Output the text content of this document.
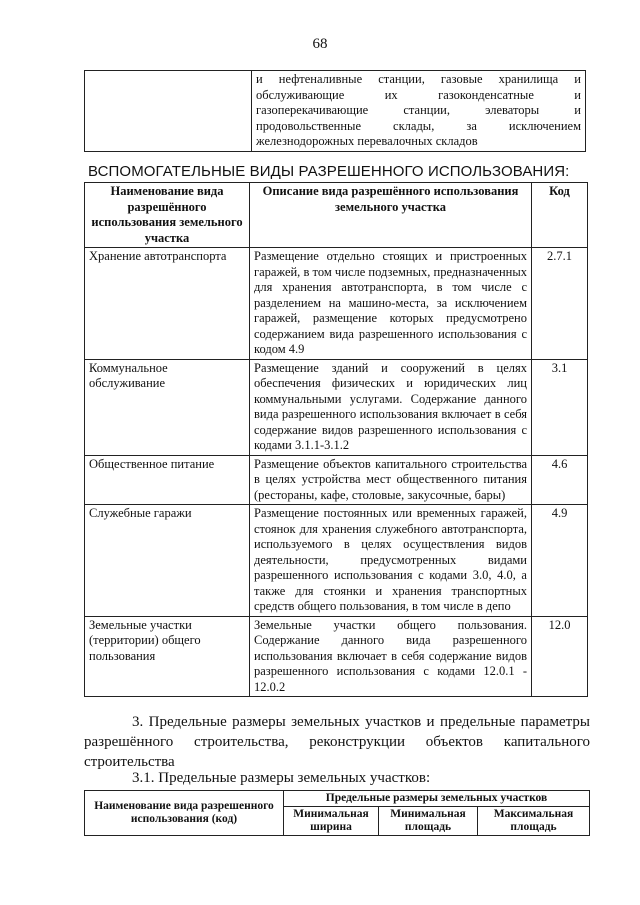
68
	и нефтеналивные станции, газовые хранилища и обслуживающие их газоконденсатные и газоперекачивающие станции, элеваторы и продовольственные склады, за исключением железнодорожных перевалочных складов
ВСПОМОГАТЕЛЬНЫЕ ВИДЫ РАЗРЕШЕННОГО ИСПОЛЬЗОВАНИЯ:
Наименование вида разрешённого использования земельного участка	Описание вида разрешённого использования земельного участка	Код
Хранение автотранспорта	Размещение отдельно стоящих и пристроенных гаражей, в том числе подземных, предназначенных для хранения автотранспорта, в том числе с разделением на машино-места, за исключением гаражей, размещение которых предусмотрено содержанием вида разрешенного использования с кодом 4.9	2.7.1
Коммунальное обслуживание	Размещение зданий и сооружений в целях обеспечения физических и юридических лиц коммунальными услугами. Содержание данного вида разрешенного использования включает в себя содержание видов разрешенного использования с кодами 3.1.1-3.1.2	3.1
Общественное питание	Размещение объектов капитального строительства в целях устройства мест общественного питания (рестораны, кафе, столовые, закусочные, бары)	4.6
Служебные гаражи	Размещение постоянных или временных гаражей, стоянок для хранения служебного автотранспорта, используемого в целях осуществления видов деятельности, предусмотренных видами разрешенного использования с кодами 3.0, 4.0, а также для стоянки и хранения транспортных средств общего пользования, в том числе в депо	4.9
Земельные участки (территории) общего пользования	Земельные участки общего пользования. Содержание данного вида разрешенного использования включает в себя содержание видов разрешенного использования с кодами 12.0.1 - 12.0.2	12.0
3. Предельные размеры земельных участков и предельные параметры разрешённого строительства, реконструкции объектов капитального строительства
3.1. Предельные размеры земельных участков:
Наименование вида разрешенного использования (код)	Предельные размеры земельных участков		
	Минимальная ширина	Минимальная площадь	Максимальная площадь
